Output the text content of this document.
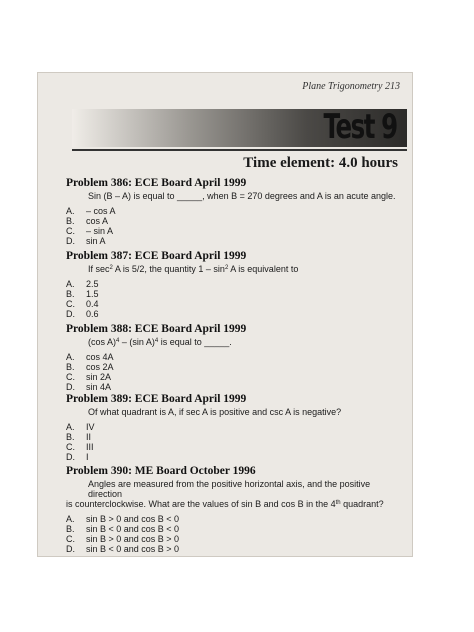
Plane Trigonometry 213
Test 9
Time element: 4.0 hours
Problem 386: ECE Board April 1999
Sin (B – A) is equal to _____, when B = 270 degrees and A is an acute angle.
A. – cos A
B. cos A
C. – sin A
D. sin A
Problem 387: ECE Board April 1999
If $\sec^2 A$ is 5/2, the quantity $1 - \sin^2 A$ is equivalent to
A. 2.5
B. 1.5
C. 0.4
D. 0.6
Problem 388: ECE Board April 1999
(cos A)$^4$ – (sin A)$^4$ is equal to _____.
A. cos 4A
B. cos 2A
C. sin 2A
D. sin 4A
Problem 389: ECE Board April 1999
Of what quadrant is A, if sec A is positive and csc A is negative?
A. IV
B. II
C. III
D. I
Problem 390: ME Board October 1996
Angles are measured from the positive horizontal axis, and the positive direction
is counterclockwise. What are the values of sin B and cos B in the 4th quadrant?
A. sin B > 0 and cos B < 0
B. sin B < 0 and cos B < 0
C. sin B > 0 and cos B > 0
D. sin B < 0 and cos B > 0
